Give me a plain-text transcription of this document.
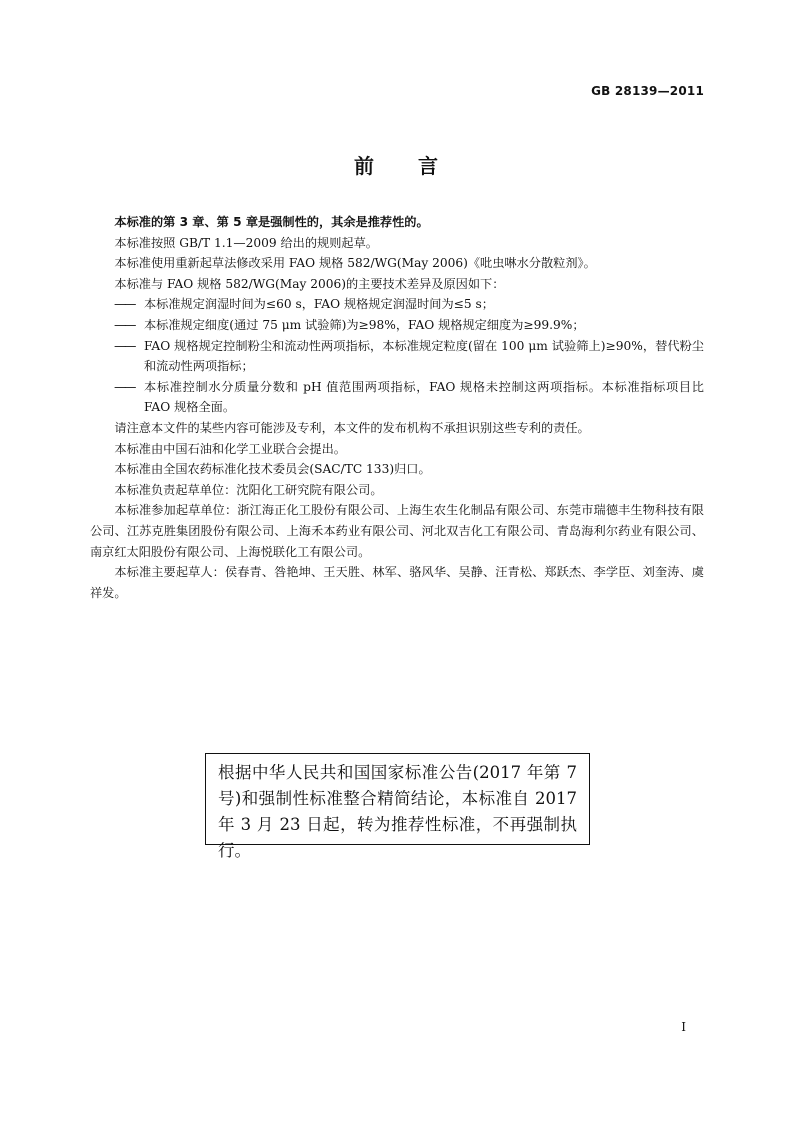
GB 28139—2011
前 言

本标准的第 3 章、第 5 章是强制性的，其余是推荐性的。

本标准按照 GB/T 1.1—2009 给出的规则起草。

本标准使用重新起草法修改采用 FAO 规格 582/WG(May 2006)《吡虫啉水分散粒剂》。

本标准与 FAO 规格 582/WG(May 2006)的主要技术差异及原因如下：

—— 本标准规定润湿时间为≤60 s，FAO 规格规定润湿时间为≤5 s；

—— 本标准规定细度(通过 75 μm 试验筛)为≥98%，FAO 规格规定细度为≥99.9%；

—— FAO 规格规定控制粉尘和流动性两项指标，本标准规定粒度(留在 100 μm 试验筛上)≥90%，替代粉尘和流动性两项指标；

—— 本标准控制水分质量分数和 pH 值范围两项指标，FAO 规格未控制这两项指标。本标准指标项目比 FAO 规格全面。

请注意本文件的某些内容可能涉及专利，本文件的发布机构不承担识别这些专利的责任。

本标准由中国石油和化学工业联合会提出。

本标准由全国农药标准化技术委员会(SAC/TC 133)归口。

本标准负责起草单位：沈阳化工研究院有限公司。

本标准参加起草单位：浙江海正化工股份有限公司、上海生农生化制品有限公司、东莞市瑞德丰生物科技有限公司、江苏克胜集团股份有限公司、上海禾本药业有限公司、河北双吉化工有限公司、青岛海利尔药业有限公司、南京红太阳股份有限公司、上海悦联化工有限公司。

本标准主要起草人：侯春青、咎艳坤、王天胜、林军、骆风华、吴静、汪青松、郑跃杰、李学臣、刘奎涛、虞祥发。

根据中华人民共和国国家标准公告(2017 年第 7 号)和强制性标准整合精简结论，本标准自 2017 年 3 月 23 日起，转为推荐性标准，不再强制执行。
I
